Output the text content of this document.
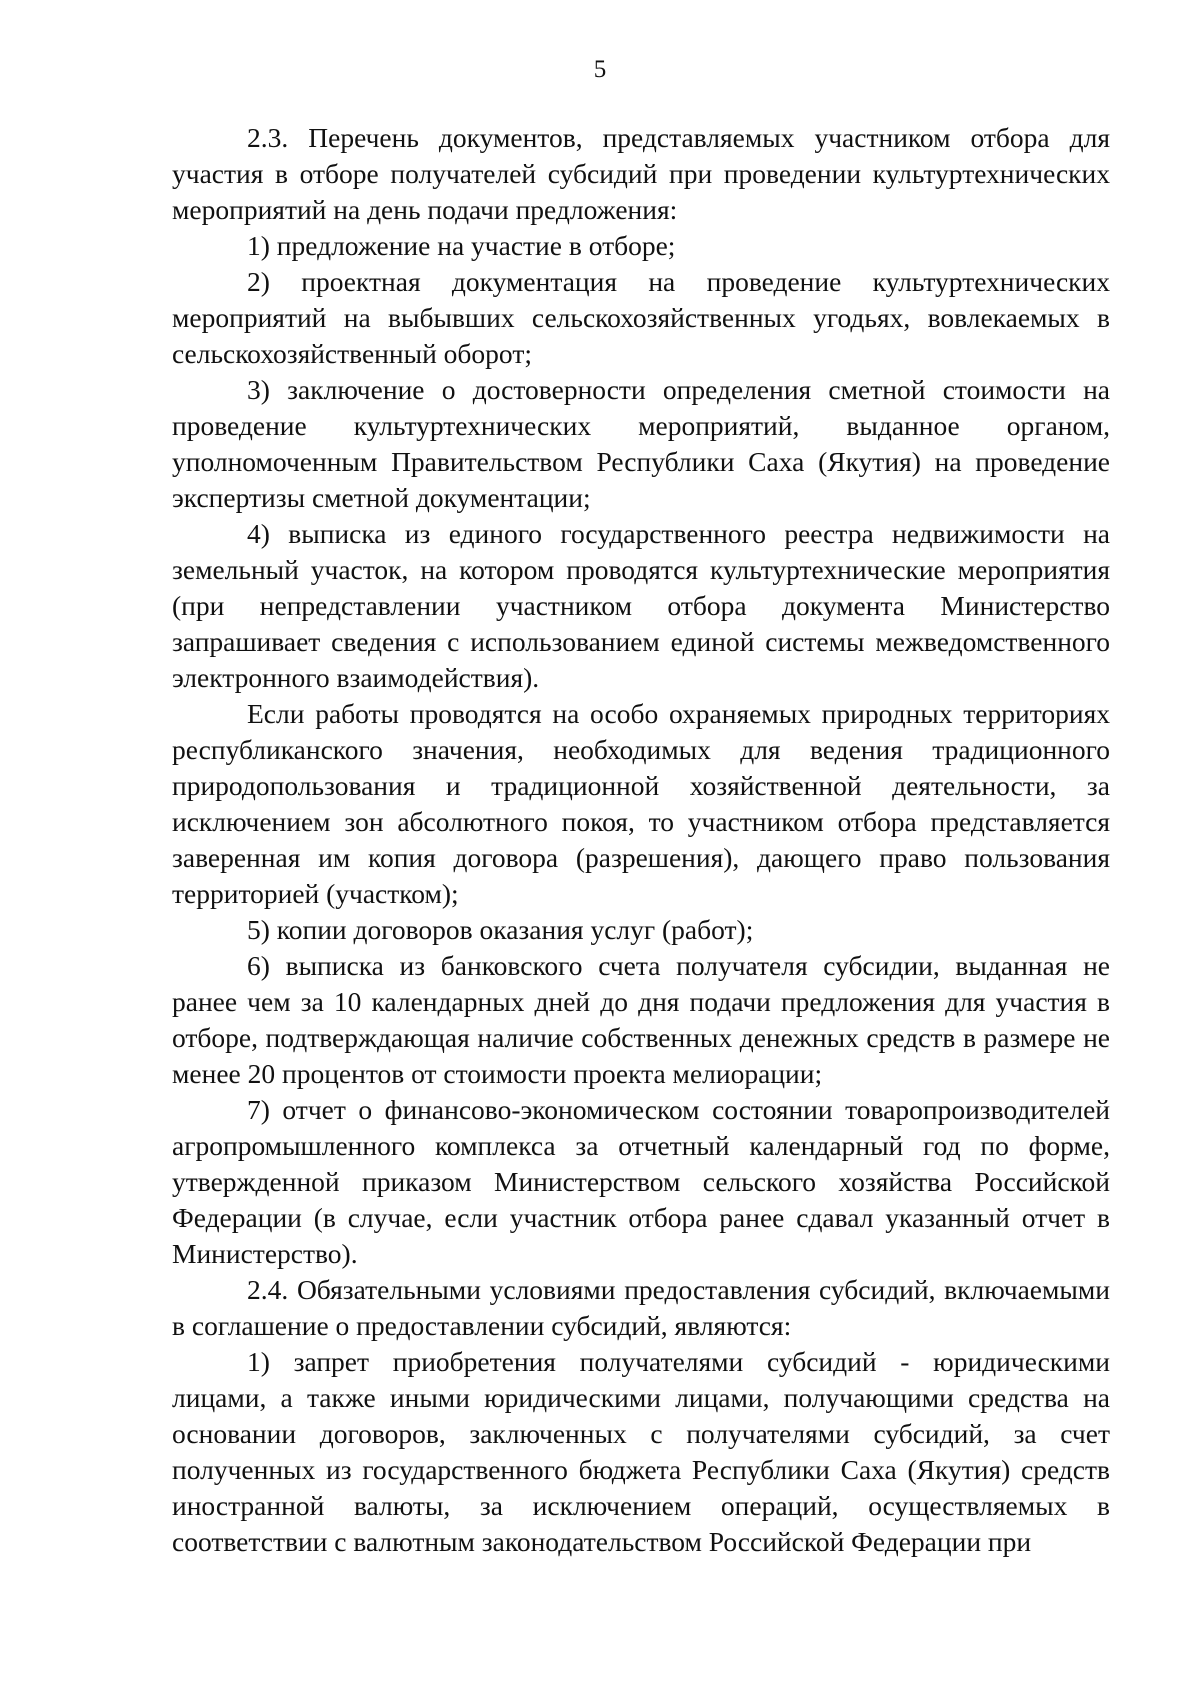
5

2.3. Перечень документов, представляемых участником отбора для участия в отборе получателей субсидий при проведении культуртехнических мероприятий на день подачи предложения:

1) предложение на участие в отборе;

2) проектная документация на проведение культуртехнических мероприятий на выбывших сельскохозяйственных угодьях, вовлекаемых в сельскохозяйственный оборот;

3) заключение о достоверности определения сметной стоимости на проведение культуртехнических мероприятий, выданное органом, уполномоченным Правительством Республики Саха (Якутия) на проведение экспертизы сметной документации;

4) выписка из единого государственного реестра недвижимости на земельный участок, на котором проводятся культуртехнические мероприятия (при непредставлении участником отбора документа Министерство запрашивает сведения с использованием единой системы межведомственного электронного взаимодействия).

Если работы проводятся на особо охраняемых природных территориях республиканского значения, необходимых для ведения традиционного природопользования и традиционной хозяйственной деятельности, за исключением зон абсолютного покоя, то участником отбора представляется заверенная им копия договора (разрешения), дающего право пользования территорией (участком);

5) копии договоров оказания услуг (работ);

6) выписка из банковского счета получателя субсидии, выданная не ранее чем за 10 календарных дней до дня подачи предложения для участия в отборе, подтверждающая наличие собственных денежных средств в размере не менее 20 процентов от стоимости проекта мелиорации;

7) отчет о финансово-экономическом состоянии товаропроизводителей агропромышленного комплекса за отчетный календарный год по форме, утвержденной приказом Министерством сельского хозяйства Российской Федерации (в случае, если участник отбора ранее сдавал указанный отчет в Министерство).

2.4. Обязательными условиями предоставления субсидий, включаемыми в соглашение о предоставлении субсидий, являются:

1) запрет приобретения получателями субсидий - юридическими лицами, а также иными юридическими лицами, получающими средства на основании договоров, заключенных с получателями субсидий, за счет полученных из государственного бюджета Республики Саха (Якутия) средств иностранной валюты, за исключением операций, осуществляемых в соответствии с валютным законодательством Российской Федерации при
